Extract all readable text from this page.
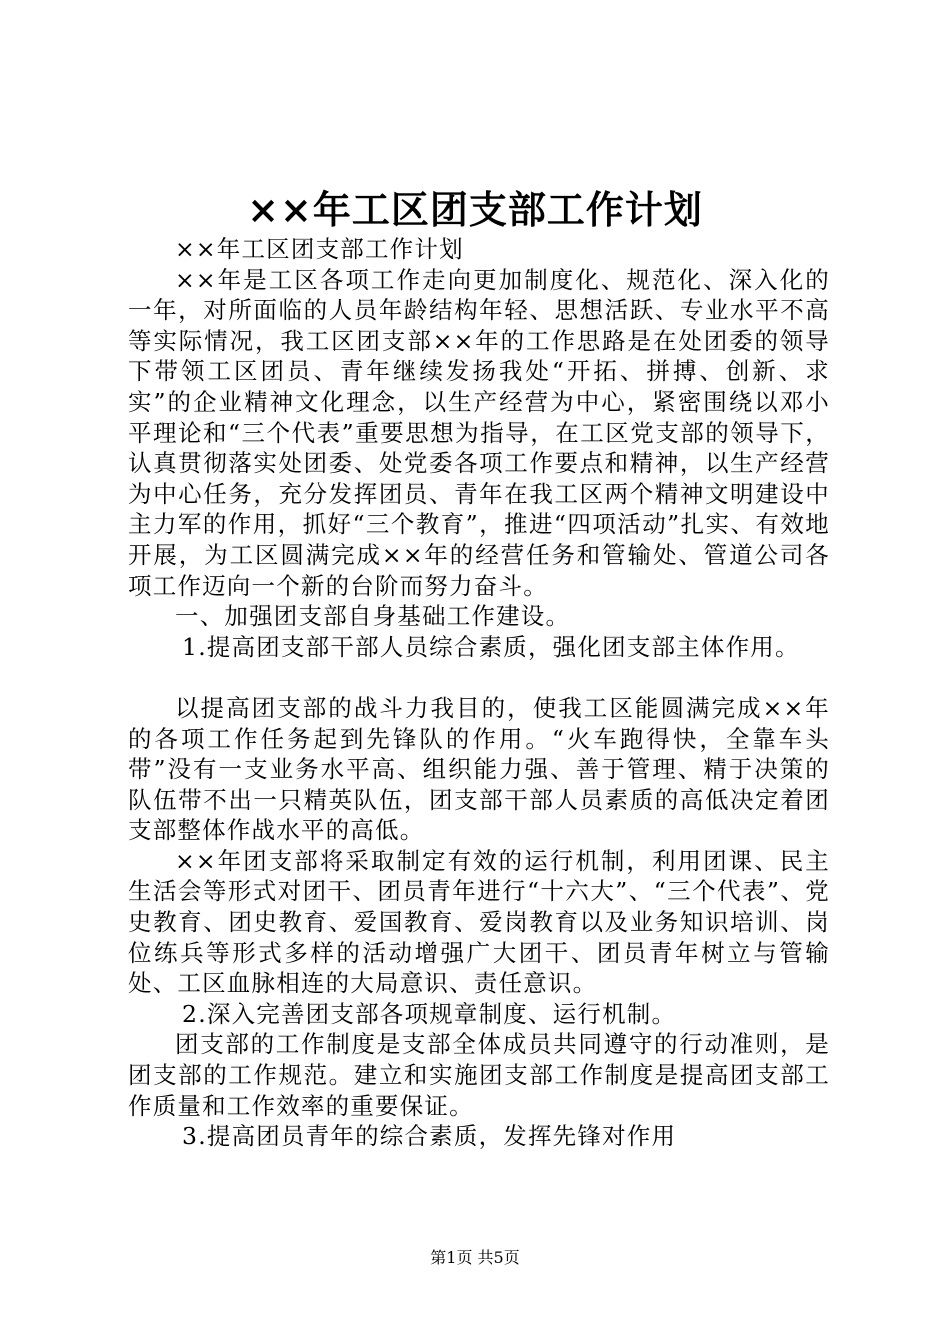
××年工区团支部工作计划

××年工区团支部工作计划

××年是工区各项工作走向更加制度化、规范化、深入化的一年，对所面临的人员年龄结构年轻、思想活跃、专业水平不高等实际情况，我工区团支部××年的工作思路是在处团委的领导下带领工区团员、青年继续发扬我处“开拓、拼搏、创新、求实”的企业精神文化理念，以生产经营为中心，紧密围绕以邓小平理论和“三个代表”重要思想为指导，在工区党支部的领导下，认真贯彻落实处团委、处党委各项工作要点和精神，以生产经营为中心任务，充分发挥团员、青年在我工区两个精神文明建设中主力军的作用，抓好“三个教育”，推进“四项活动”扎实、有效地开展，为工区圆满完成××年的经营任务和管输处、管道公司各项工作迈向一个新的台阶而努力奋斗。

一、加强团支部自身基础工作建设。

1.提高团支部干部人员综合素质，强化团支部主体作用。

以提高团支部的战斗力我目的，使我工区能圆满完成××年的各项工作任务起到先锋队的作用。“火车跑得快，全靠车头带”没有一支业务水平高、组织能力强、善于管理、精于决策的队伍带不出一只精英队伍，团支部干部人员素质的高低决定着团支部整体作战水平的高低。

××年团支部将采取制定有效的运行机制，利用团课、民主生活会等形式对团干、团员青年进行“十六大”、“三个代表”、党史教育、团史教育、爱国教育、爱岗教育以及业务知识培训、岗位练兵等形式多样的活动增强广大团干、团员青年树立与管输处、工区血脉相连的大局意识、责任意识。

2.深入完善团支部各项规章制度、运行机制。

团支部的工作制度是支部全体成员共同遵守的行动准则，是团支部的工作规范。建立和实施团支部工作制度是提高团支部工作质量和工作效率的重要保证。

3.提高团员青年的综合素质，发挥先锋对作用

第1页 共5页
